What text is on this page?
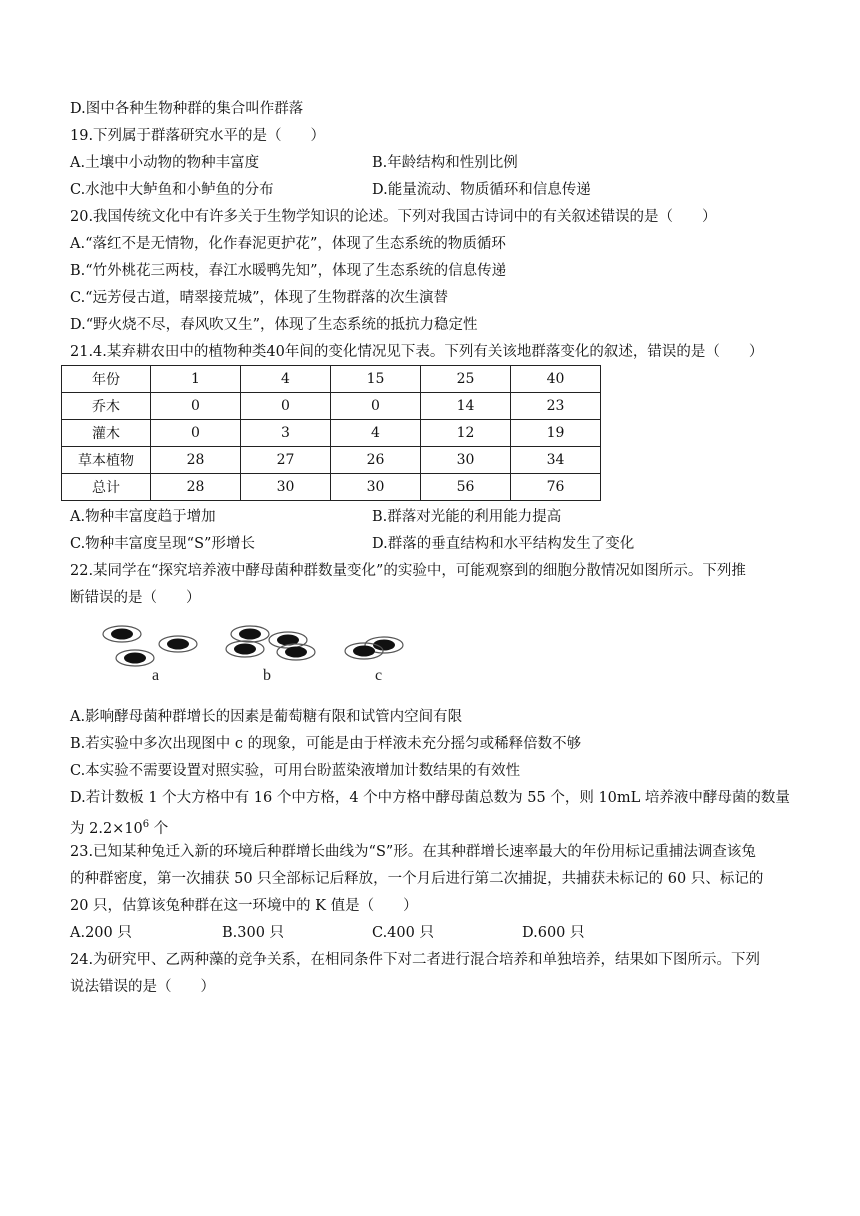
D.图中各种生物种群的集合叫作群落
19.下列属于群落研究水平的是（　　）
A.土壤中小动物的物种丰富度	B.年龄结构和性别比例
C.水池中大鲈鱼和小鲈鱼的分布	D.能量流动、物质循环和信息传递
20.我国传统文化中有许多关于生物学知识的论述。下列对我国古诗词中的有关叙述错误的是（　　）
A.“落红不是无情物，化作春泥更护花”，体现了生态系统的物质循环
B.“竹外桃花三两枝，春江水暖鸭先知”，体现了生态系统的信息传递
C.“远芳侵古道，晴翠接荒城”，体现了生物群落的次生演替
D.“野火烧不尽，春风吹又生”，体现了生态系统的抵抗力稳定性
21.4.某弃耕农田中的植物种类40年间的变化情况见下表。下列有关该地群落变化的叙述，错误的是（　　）
年份	1	4	15	25	40
乔木	0	0	0	14	23
灌木	0	3	4	12	19
草本植物	28	27	26	30	34
总计	28	30	30	56	76
A.物种丰富度趋于增加	B.群落对光能的利用能力提高
C.物种丰富度呈现“S”形增长	D.群落的垂直结构和水平结构发生了变化
22.某同学在“探究培养液中酵母菌种群数量变化”的实验中，可能观察到的细胞分散情况如图所示。下列推
断错误的是（　　）
a	b	c
A.影响酵母菌种群增长的因素是葡萄糖有限和试管内空间有限
B.若实验中多次出现图中 c 的现象，可能是由于样液未充分摇匀或稀释倍数不够
C.本实验不需要设置对照实验，可用台盼蓝染液增加计数结果的有效性
D.若计数板 1 个大方格中有 16 个中方格，4 个中方格中酵母菌总数为 55 个，则 10mL 培养液中酵母菌的数量
为 $2.2\times 10^6$ 个
23.已知某种兔迁入新的环境后种群增长曲线为“S”形。在其种群增长速率最大的年份用标记重捕法调查该兔
的种群密度，第一次捕获 50 只全部标记后释放，一个月后进行第二次捕捉，共捕获未标记的 60 只、标记的
20 只，估算该兔种群在这一环境中的 K 值是（　　）
A.200 只	B.300 只	C.400 只	D.600 只
24.为研究甲、乙两种藻的竞争关系，在相同条件下对二者进行混合培养和单独培养，结果如下图所示。下列
说法错误的是（　　）
